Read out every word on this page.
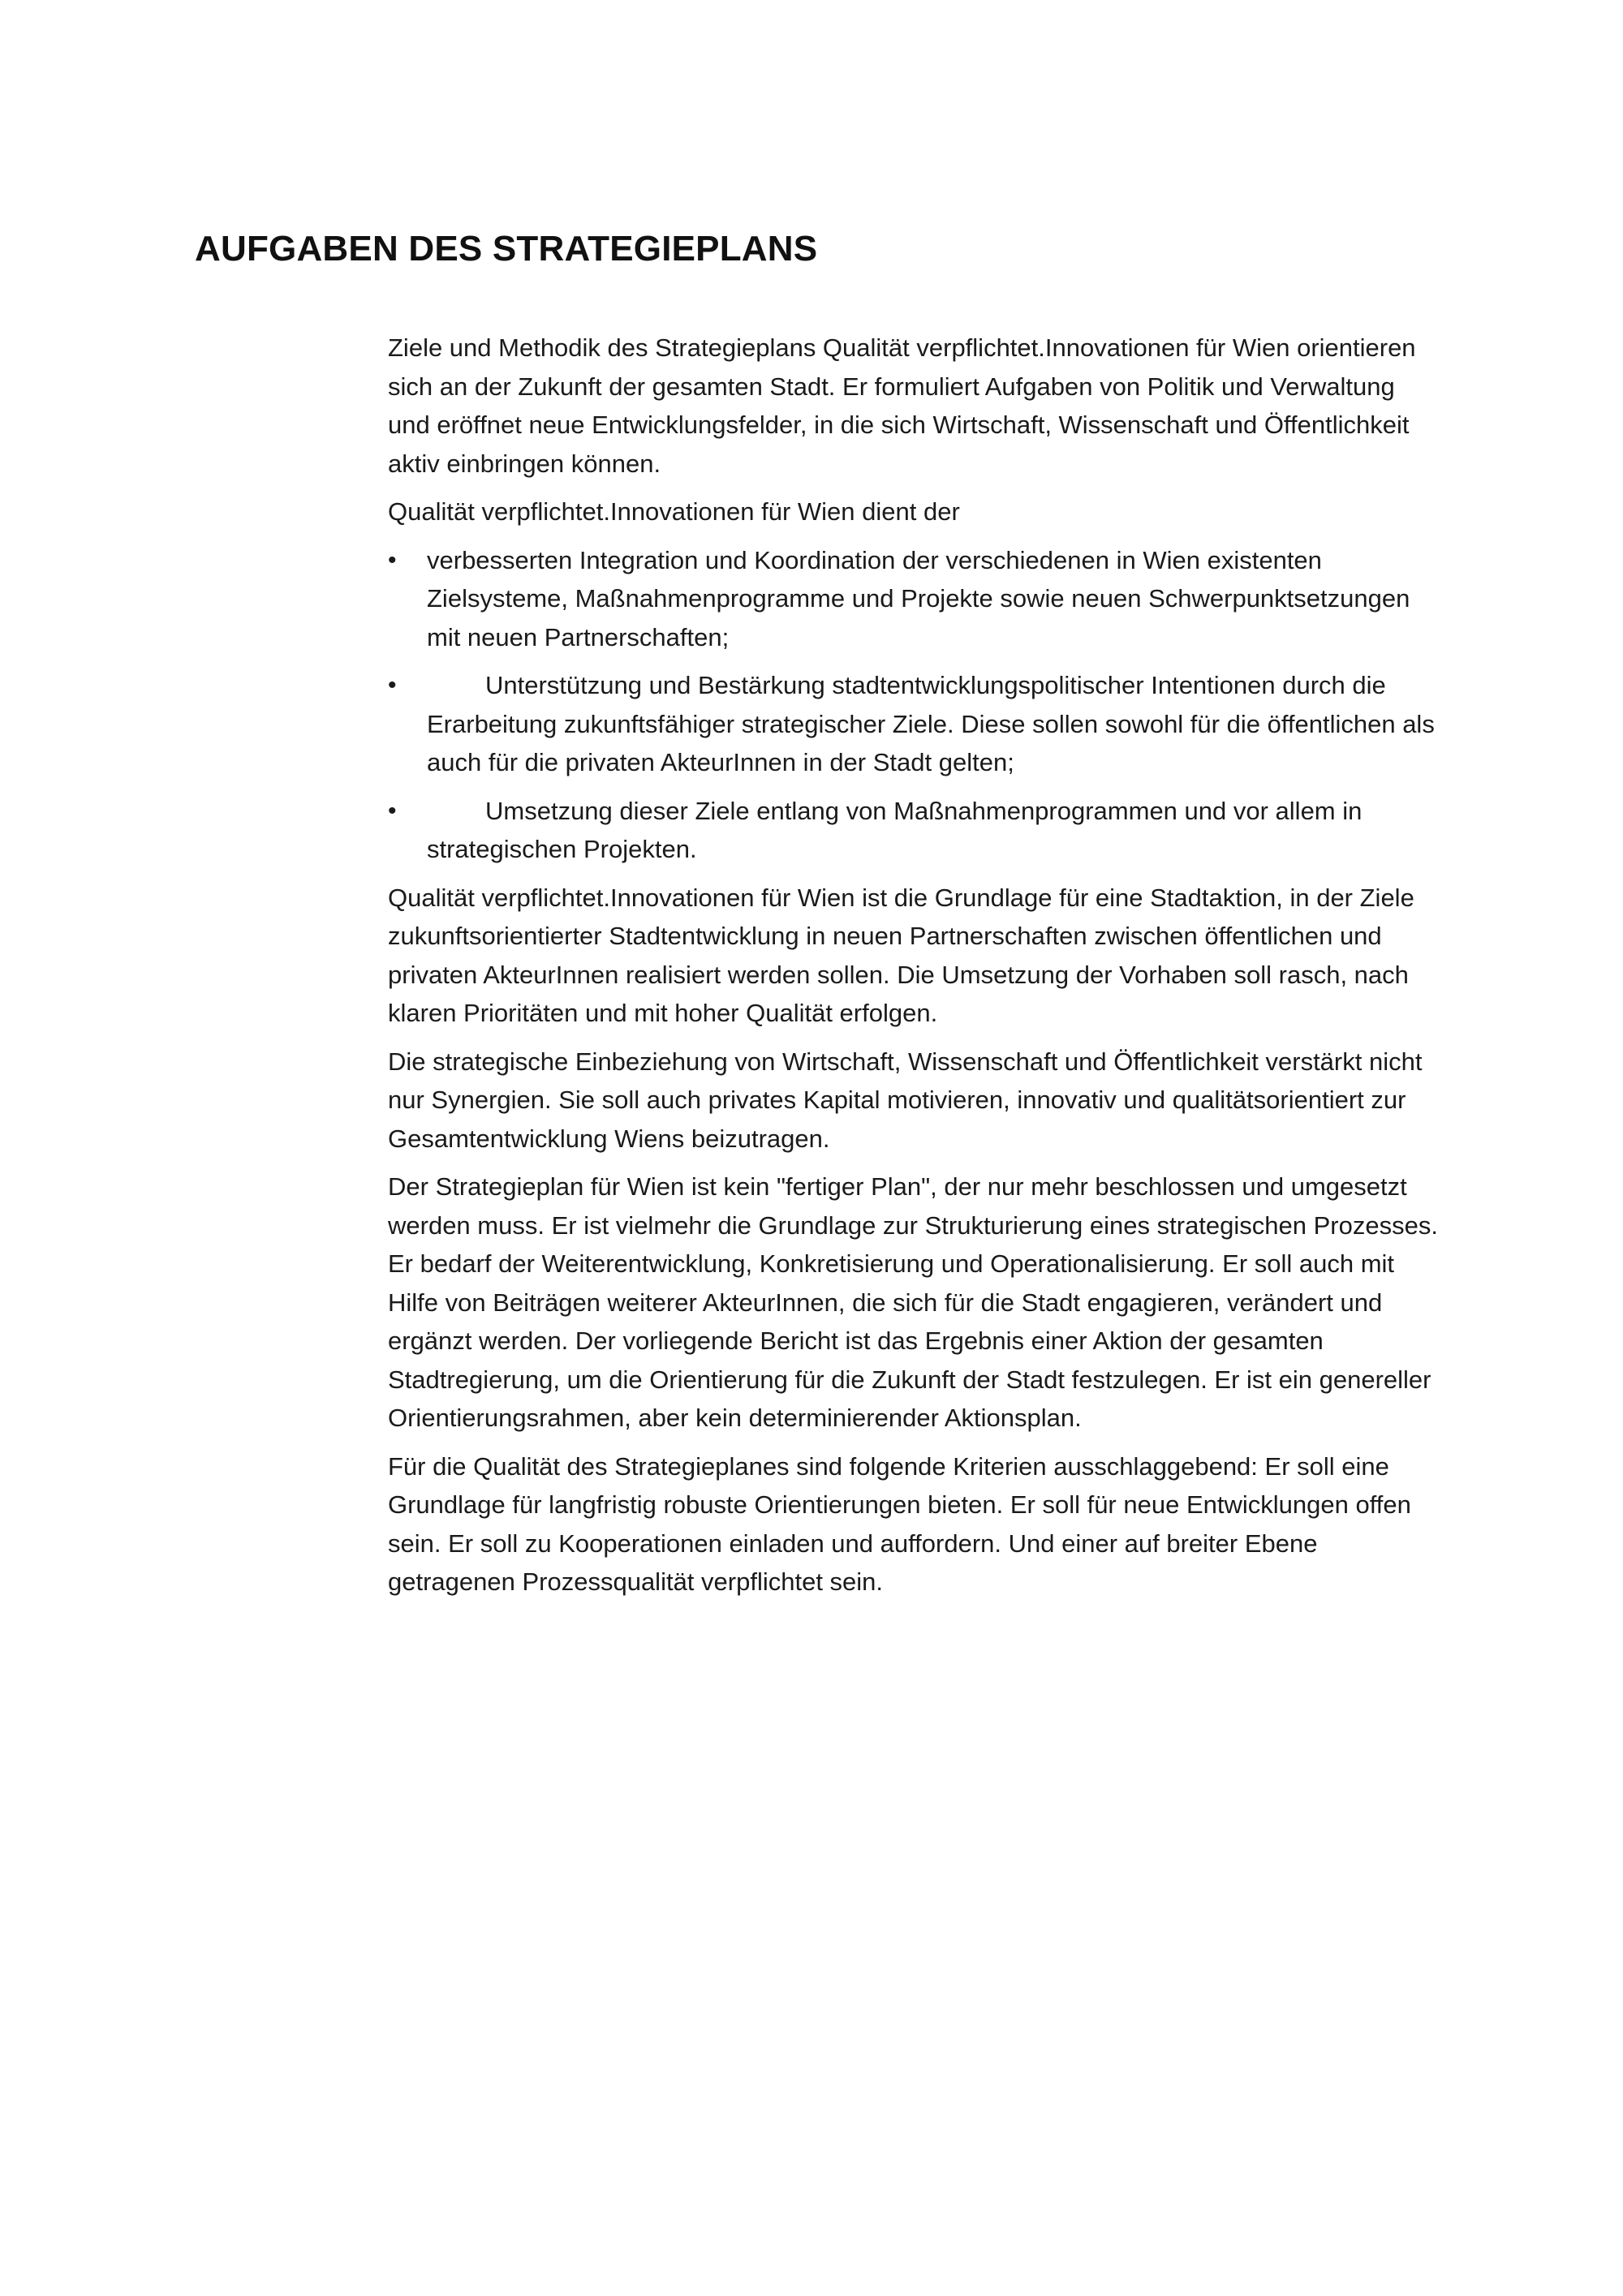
AUFGABEN DES STRATEGIEPLANS

Ziele und Methodik des Strategieplans Qualität verpflichtet.Innovationen für Wien orientieren sich an der Zukunft der gesamten Stadt. Er formuliert Aufgaben von Politik und Verwaltung und eröffnet neue Entwicklungsfelder, in die sich Wirtschaft, Wissenschaft und Öffentlichkeit aktiv einbringen können.

Qualität verpflichtet.Innovationen für Wien dient der

•	verbesserten Integration und Koordination der verschiedenen in Wien existenten Zielsysteme, Maßnahmenprogramme und Projekte sowie neuen Schwerpunktsetzungen mit neuen Partnerschaften;
•	Unterstützung und Bestärkung stadtentwicklungspolitischer Intentionen durch die Erarbeitung zukunftsfähiger strategischer Ziele. Diese sollen sowohl für die öffentlichen als auch für die privaten AkteurInnen in der Stadt gelten;
•	Umsetzung dieser Ziele entlang von Maßnahmenprogrammen und vor allem in strategischen Projekten.

Qualität verpflichtet.Innovationen für Wien ist die Grundlage für eine Stadtaktion, in der Ziele zukunftsorientierter Stadtentwicklung in neuen Partnerschaften zwischen öffentlichen und privaten AkteurInnen realisiert werden sollen. Die Umsetzung der Vorhaben soll rasch, nach klaren Prioritäten und mit hoher Qualität erfolgen.

Die strategische Einbeziehung von Wirtschaft, Wissenschaft und Öffentlichkeit verstärkt nicht nur Synergien. Sie soll auch privates Kapital motivieren, innovativ und qualitätsorientiert zur Gesamtentwicklung Wiens beizutragen.

Der Strategieplan für Wien ist kein "fertiger Plan", der nur mehr beschlossen und umgesetzt werden muss. Er ist vielmehr die Grundlage zur Strukturierung eines strategischen Prozesses. Er bedarf der Weiterentwicklung, Konkretisierung und Operationalisierung. Er soll auch mit Hilfe von Beiträgen weiterer AkteurInnen, die sich für die Stadt engagieren, verändert und ergänzt werden. Der vorliegende Bericht ist das Ergebnis einer Aktion der gesamten Stadtregierung, um die Orientierung für die Zukunft der Stadt festzulegen. Er ist ein genereller Orientierungsrahmen, aber kein determinierender Aktionsplan.

Für die Qualität des Strategieplanes sind folgende Kriterien ausschlaggebend: Er soll eine Grundlage für langfristig robuste Orientierungen bieten. Er soll für neue Entwicklungen offen sein. Er soll zu Kooperationen einladen und auffordern. Und einer auf breiter Ebene getragenen Prozessqualität verpflichtet sein.
